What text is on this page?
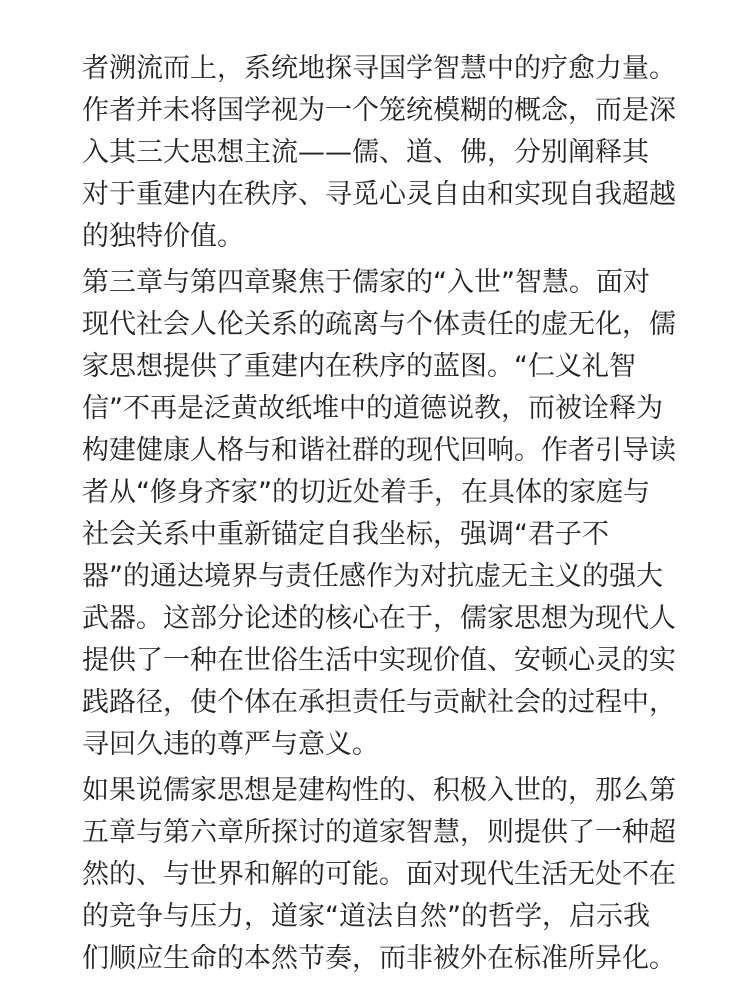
者溯流而上，系统地探寻国学智慧中的疗愈力量。
作者并未将国学视为一个笼统模糊的概念，而是深
入其三大思想主流——儒、道、佛，分别阐释其
对于重建内在秩序、寻觅心灵自由和实现自我超越
的独特价值。
第三章与第四章聚焦于儒家的“入世”智慧。面对
现代社会人伦关系的疏离与个体责任的虚无化，儒
家思想提供了重建内在秩序的蓝图。“仁义礼智
信”不再是泛黄故纸堆中的道德说教，而被诠释为
构建健康人格与和谐社群的现代回响。作者引导读
者从“修身齐家”的切近处着手，在具体的家庭与
社会关系中重新锚定自我坐标，强调“君子不
器”的通达境界与责任感作为对抗虚无主义的强大
武器。这部分论述的核心在于，儒家思想为现代人
提供了一种在世俗生活中实现价值、安顿心灵的实
践路径，使个体在承担责任与贡献社会的过程中，
寻回久违的尊严与意义。
如果说儒家思想是建构性的、积极入世的，那么第
五章与第六章所探讨的道家智慧，则提供了一种超
然的、与世界和解的可能。面对现代生活无处不在
的竞争与压力，道家“道法自然”的哲学，启示我
们顺应生命的本然节奏，而非被外在标准所异化。
